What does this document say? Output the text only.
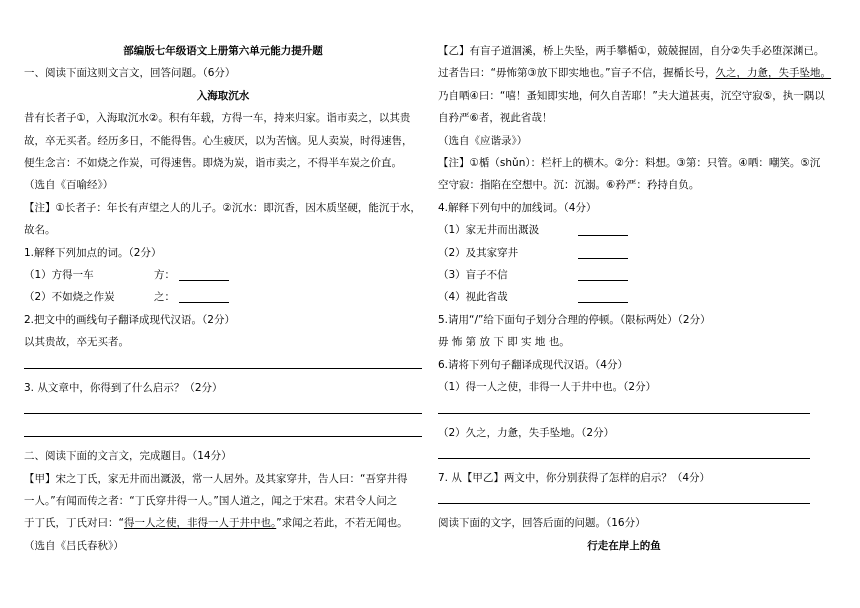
部编版七年级语文上册第六单元能力提升题
一、阅读下面这则文言文，回答问题。（6分）
入海取沉水
昔有长者子①，入海取沉水②。积有年载，方得一车，持来归家。诣市卖之，以其贵
故，卒无买者。经历多日，不能得售。心生疲厌，以为苦恼。见人卖炭，时得速售，
便生念言：不如烧之作炭，可得速售。即烧为炭，诣市卖之，不得半车炭之价直。
（选自《百喻经》）
【注】①长者子：年长有声望之人的儿子。②沉水：即沉香，因木质坚硬，能沉于水，
故名。
1.解释下列加点的词。（2分）
（1）方得一车	方：
（2）不如烧之作炭	之：
2.把文中的画线句子翻译成现代汉语。（2分）
以其贵故，卒无买者。
3. 从文章中，你得到了什么启示？（2分）
二、阅读下面的文言文，完成题目。（14分）
【甲】宋之丁氏，家无井而出溉汲，常一人居外。及其家穿井，告人曰：“吾穿井得
一人。”有闻而传之者：“丁氏穿井得一人。”国人道之，闻之于宋君。宋君令人问之
于丁氏，丁氏对曰：“得一人之使，非得一人于井中也。”求闻之若此，不若无闻也。
（选自《吕氏春秋》）
【乙】有盲子道涸溪，桥上失坠，两手攀楯①，兢兢握固，自分②失手必堕深渊已。
过者告曰：“毋怖第③放下即实地也。”盲子不信，握楯长号，久之，力惫，失手坠地。
乃自哂④曰：“嘻！蚤知即实地，何久自苦耶！”夫大道甚夷，沉空守寂⑤，执一隅以
自矜严⑥者，视此省哉！
（选自《应谐录》）
【注】①楯（shǔn）：栏杆上的横木。②分：料想。③第：只管。④哂：嘲笑。⑤沉
空守寂：指陷在空想中。沉：沉溺。⑥矜严：矜持自负。
4.解释下列句中的加线词。（4分）
（1）家无井而出溉汲
（2）及其家穿井
（3）盲子不信
（4）视此省哉
5.请用“/”给下面句子划分合理的停顿。（限标两处）（2分）
毋 怖 第 放 下 即 实 地 也。
6.请将下列句子翻译成现代汉语。（4分）
（1）得一人之使，非得一人于井中也。（2分）
（2）久之，力惫，失手坠地。（2分）
7. 从【甲乙】两文中，你分别获得了怎样的启示？（4分）
阅读下面的文字，回答后面的问题。（16分）
行走在岸上的鱼
